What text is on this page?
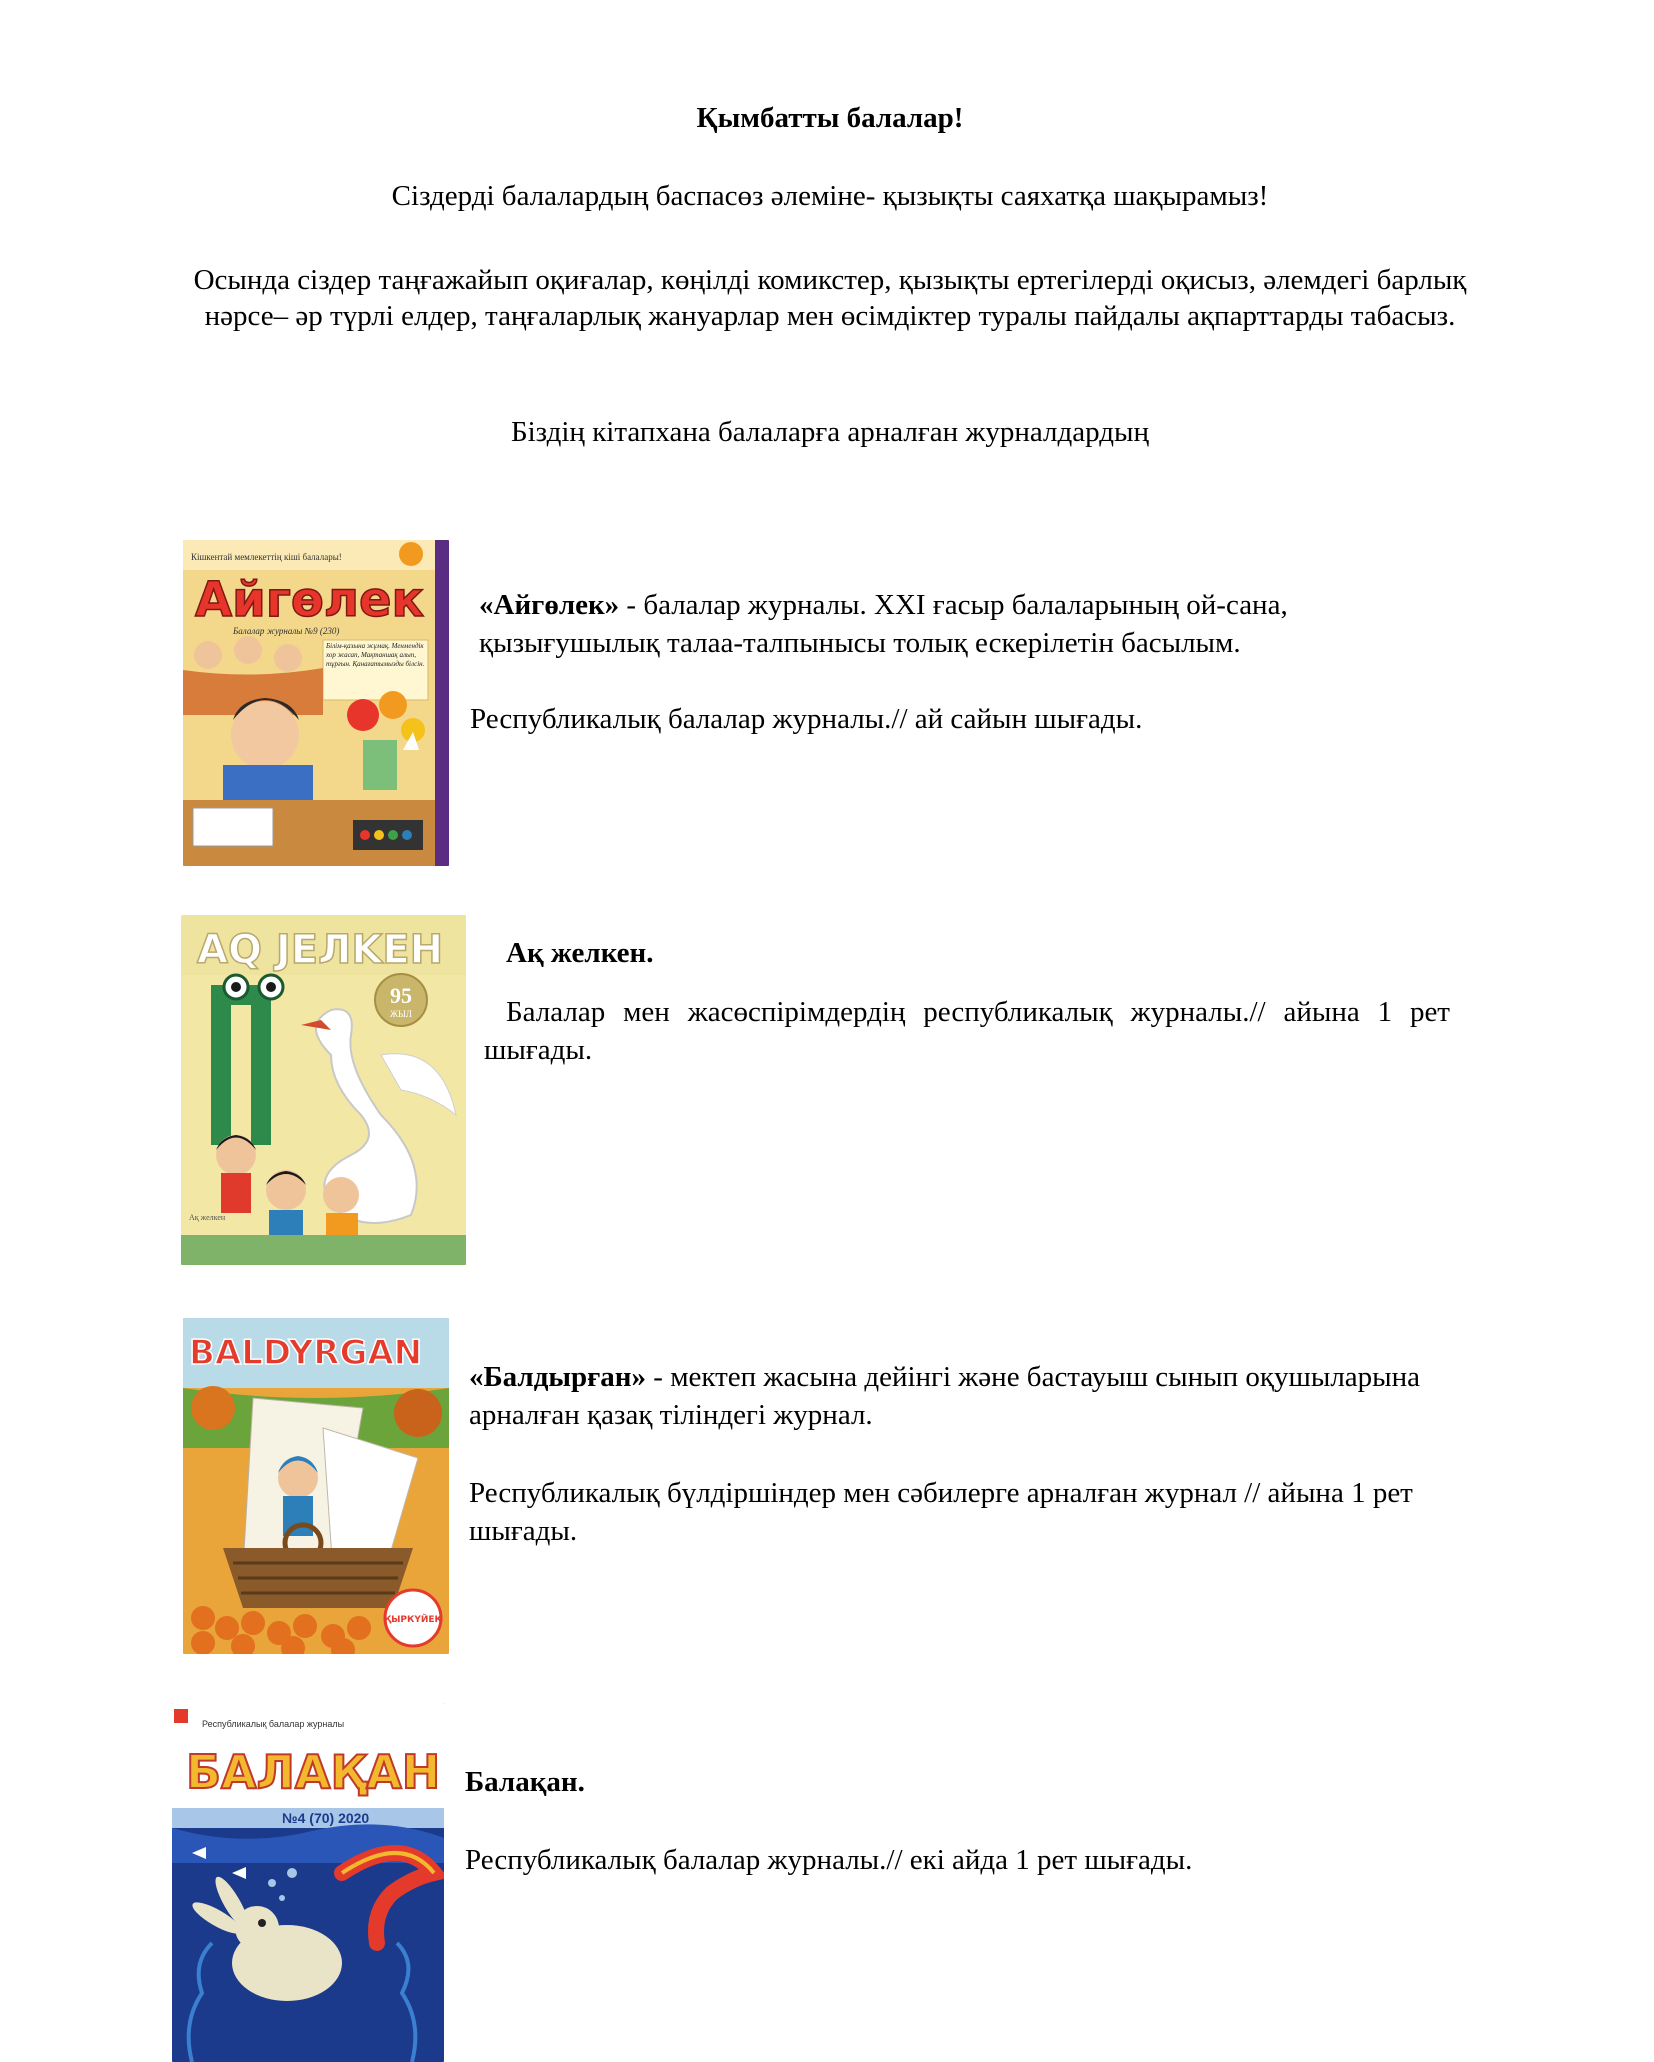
Қымбатты балалар!
Сіздерді балалардың баспасөз әлеміне- қызықты саяхатқа шақырамыз!
Осында сіздер таңғажайып оқиғалар, көңілді комикстер, қызықты ертегілерді оқисыз, әлемдегі барлық нәрсе– әр түрлі елдер, таңғаларлық жануарлар мен өсімдіктер туралы пайдалы ақпарттарды табасыз.
Біздің кітапхана балаларға арналған журналдардың
Кішкентай мемлекеттің кіші балалары!
Айгөлек
Балалар журналы №9 (230)
Білім-қазына жұмақ. Менмендік хор жасап, Мақтаншақ алып, тұрғын. Қанағатымызды білсін.
«Айгөлек» - балалар журналы. XXI ғасыр балаларының ой-сана, қызығушылық талаа-талпынысы толық ескерілетін басылым.
Республикалық балалар журналы.// ай сайын шығады.
AQ JEЛKEH
95
ЖЫЛ
Ақ желкен
Ақ желкен.
Балалар мен жасөспірімдердің республикалық журналы.// айына 1 рет шығады.
BALDYRGAN
ҚЫРКҮЙЕК
«Балдырған» - мектеп жасына дейінгі және бастауыш сынып оқушыларына арналған қазақ тіліндегі журнал.
Республикалық бүлдіршіндер мен сәбилерге арналған журнал // айына 1 рет шығады.
Республикалық балалар журналы
БАЛАҚАН
№4 (70) 2020
Балақан.
Республикалық балалар журналы.// екі айда 1 рет шығады.
